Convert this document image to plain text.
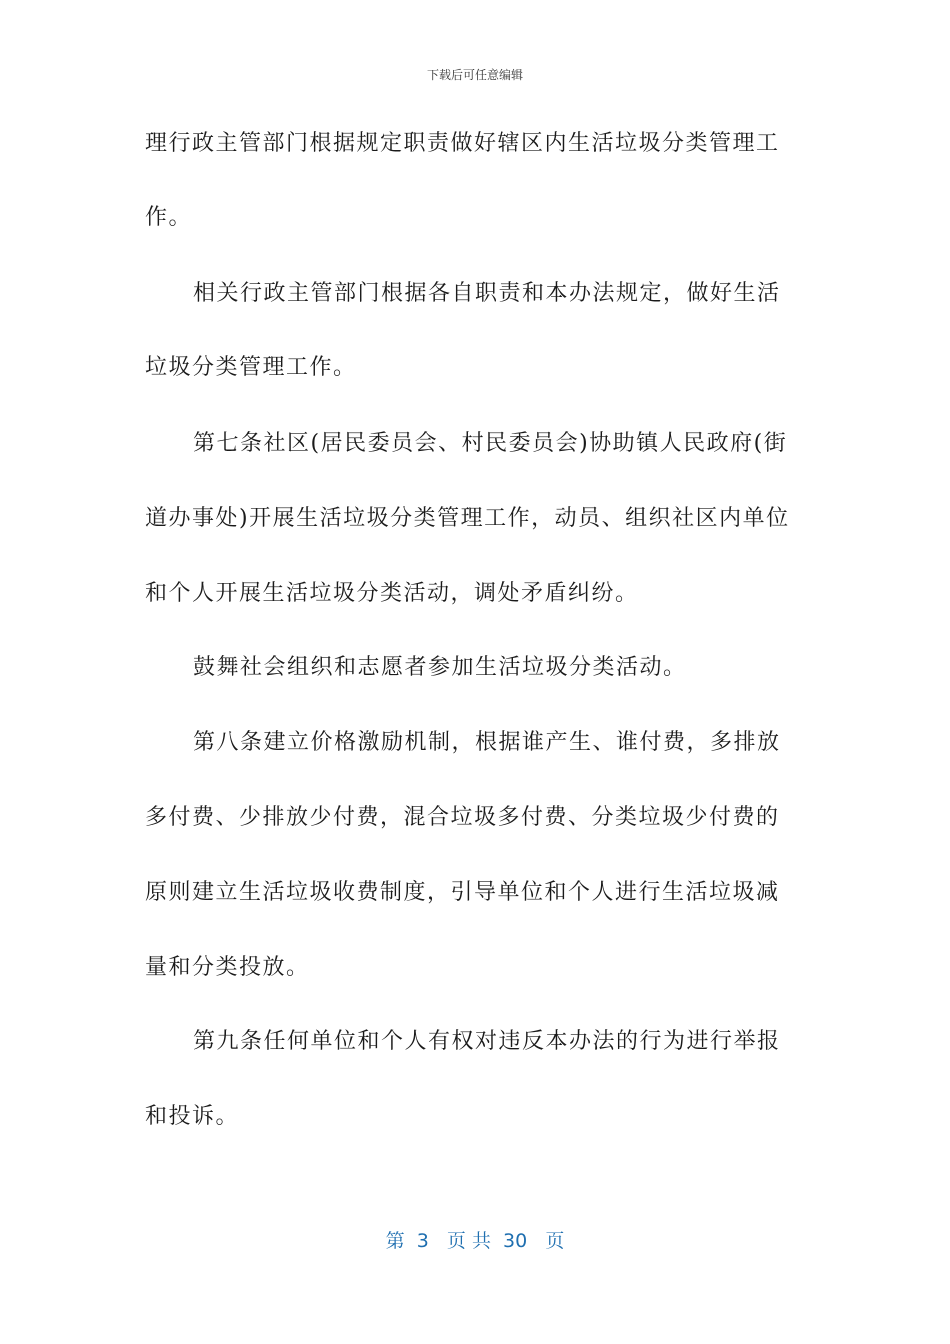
下载后可任意编辑
理行政主管部门根据规定职责做好辖区内生活垃圾分类管理工
作。
相关行政主管部门根据各自职责和本办法规定，做好生活
垃圾分类管理工作。
第七条社区(居民委员会、村民委员会)协助镇人民政府(街
道办事处)开展生活垃圾分类管理工作，动员、组织社区内单位
和个人开展生活垃圾分类活动，调处矛盾纠纷。
鼓舞社会组织和志愿者参加生活垃圾分类活动。
第八条建立价格激励机制，根据谁产生、谁付费，多排放
多付费、少排放少付费，混合垃圾多付费、分类垃圾少付费的
原则建立生活垃圾收费制度，引导单位和个人进行生活垃圾减
量和分类投放。
第九条任何单位和个人有权对违反本办法的行为进行举报
和投诉。
第  3   页 共  30   页
